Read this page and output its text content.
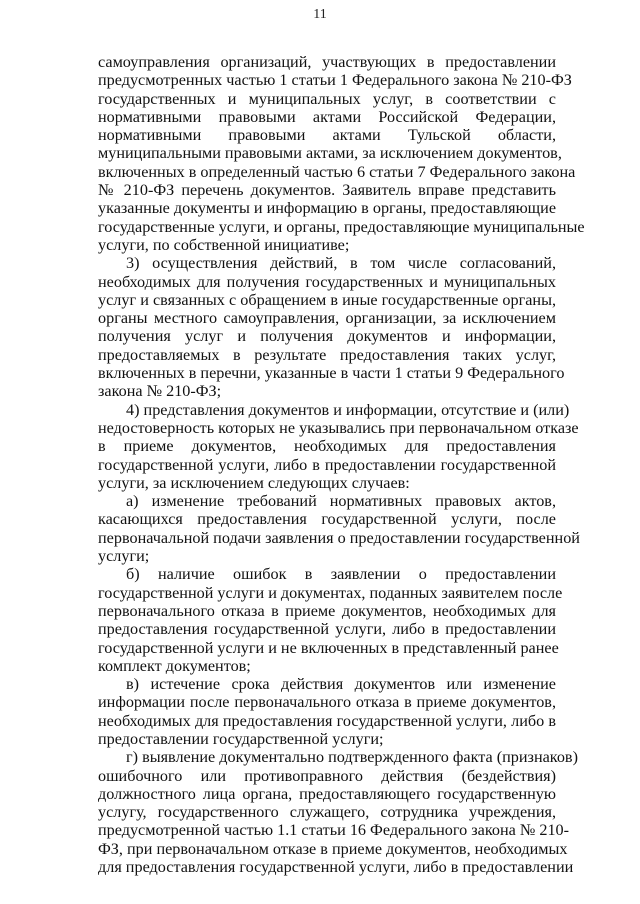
11
самоуправления организаций, участвующих в предоставлении
предусмотренных частью 1 статьи 1 Федерального закона № 210-ФЗ
государственных и муниципальных услуг, в соответствии с
нормативными правовыми актами Российской Федерации,
нормативными правовыми актами Тульской области,
муниципальными правовыми актами, за исключением документов,
включенных в определенный частью 6 статьи 7 Федерального закона
№ 210-ФЗ перечень документов. Заявитель вправе представить
указанные документы и информацию в органы, предоставляющие
государственные услуги, и органы, предоставляющие муниципальные
услуги, по собственной инициативе;
3) осуществления действий, в том числе согласований,
необходимых для получения государственных и муниципальных
услуг и связанных с обращением в иные государственные органы,
органы местного самоуправления, организации, за исключением
получения услуг и получения документов и информации,
предоставляемых в результате предоставления таких услуг,
включенных в перечни, указанные в части 1 статьи 9 Федерального
закона № 210-ФЗ;
4) представления документов и информации, отсутствие и (или)
недостоверность которых не указывались при первоначальном отказе
в приеме документов, необходимых для предоставления
государственной услуги, либо в предоставлении государственной
услуги, за исключением следующих случаев:
а) изменение требований нормативных правовых актов,
касающихся предоставления государственной услуги, после
первоначальной подачи заявления о предоставлении государственной
услуги;
б) наличие ошибок в заявлении о предоставлении
государственной услуги и документах, поданных заявителем после
первоначального отказа в приеме документов, необходимых для
предоставления государственной услуги, либо в предоставлении
государственной услуги и не включенных в представленный ранее
комплект документов;
в) истечение срока действия документов или изменение
информации после первоначального отказа в приеме документов,
необходимых для предоставления государственной услуги, либо в
предоставлении государственной услуги;
г) выявление документально подтвержденного факта (признаков)
ошибочного или противоправного действия (бездействия)
должностного лица органа, предоставляющего государственную
услугу, государственного служащего, сотрудника учреждения,
предусмотренной частью 1.1 статьи 16 Федерального закона № 210-
ФЗ, при первоначальном отказе в приеме документов, необходимых
для предоставления государственной услуги, либо в предоставлении
